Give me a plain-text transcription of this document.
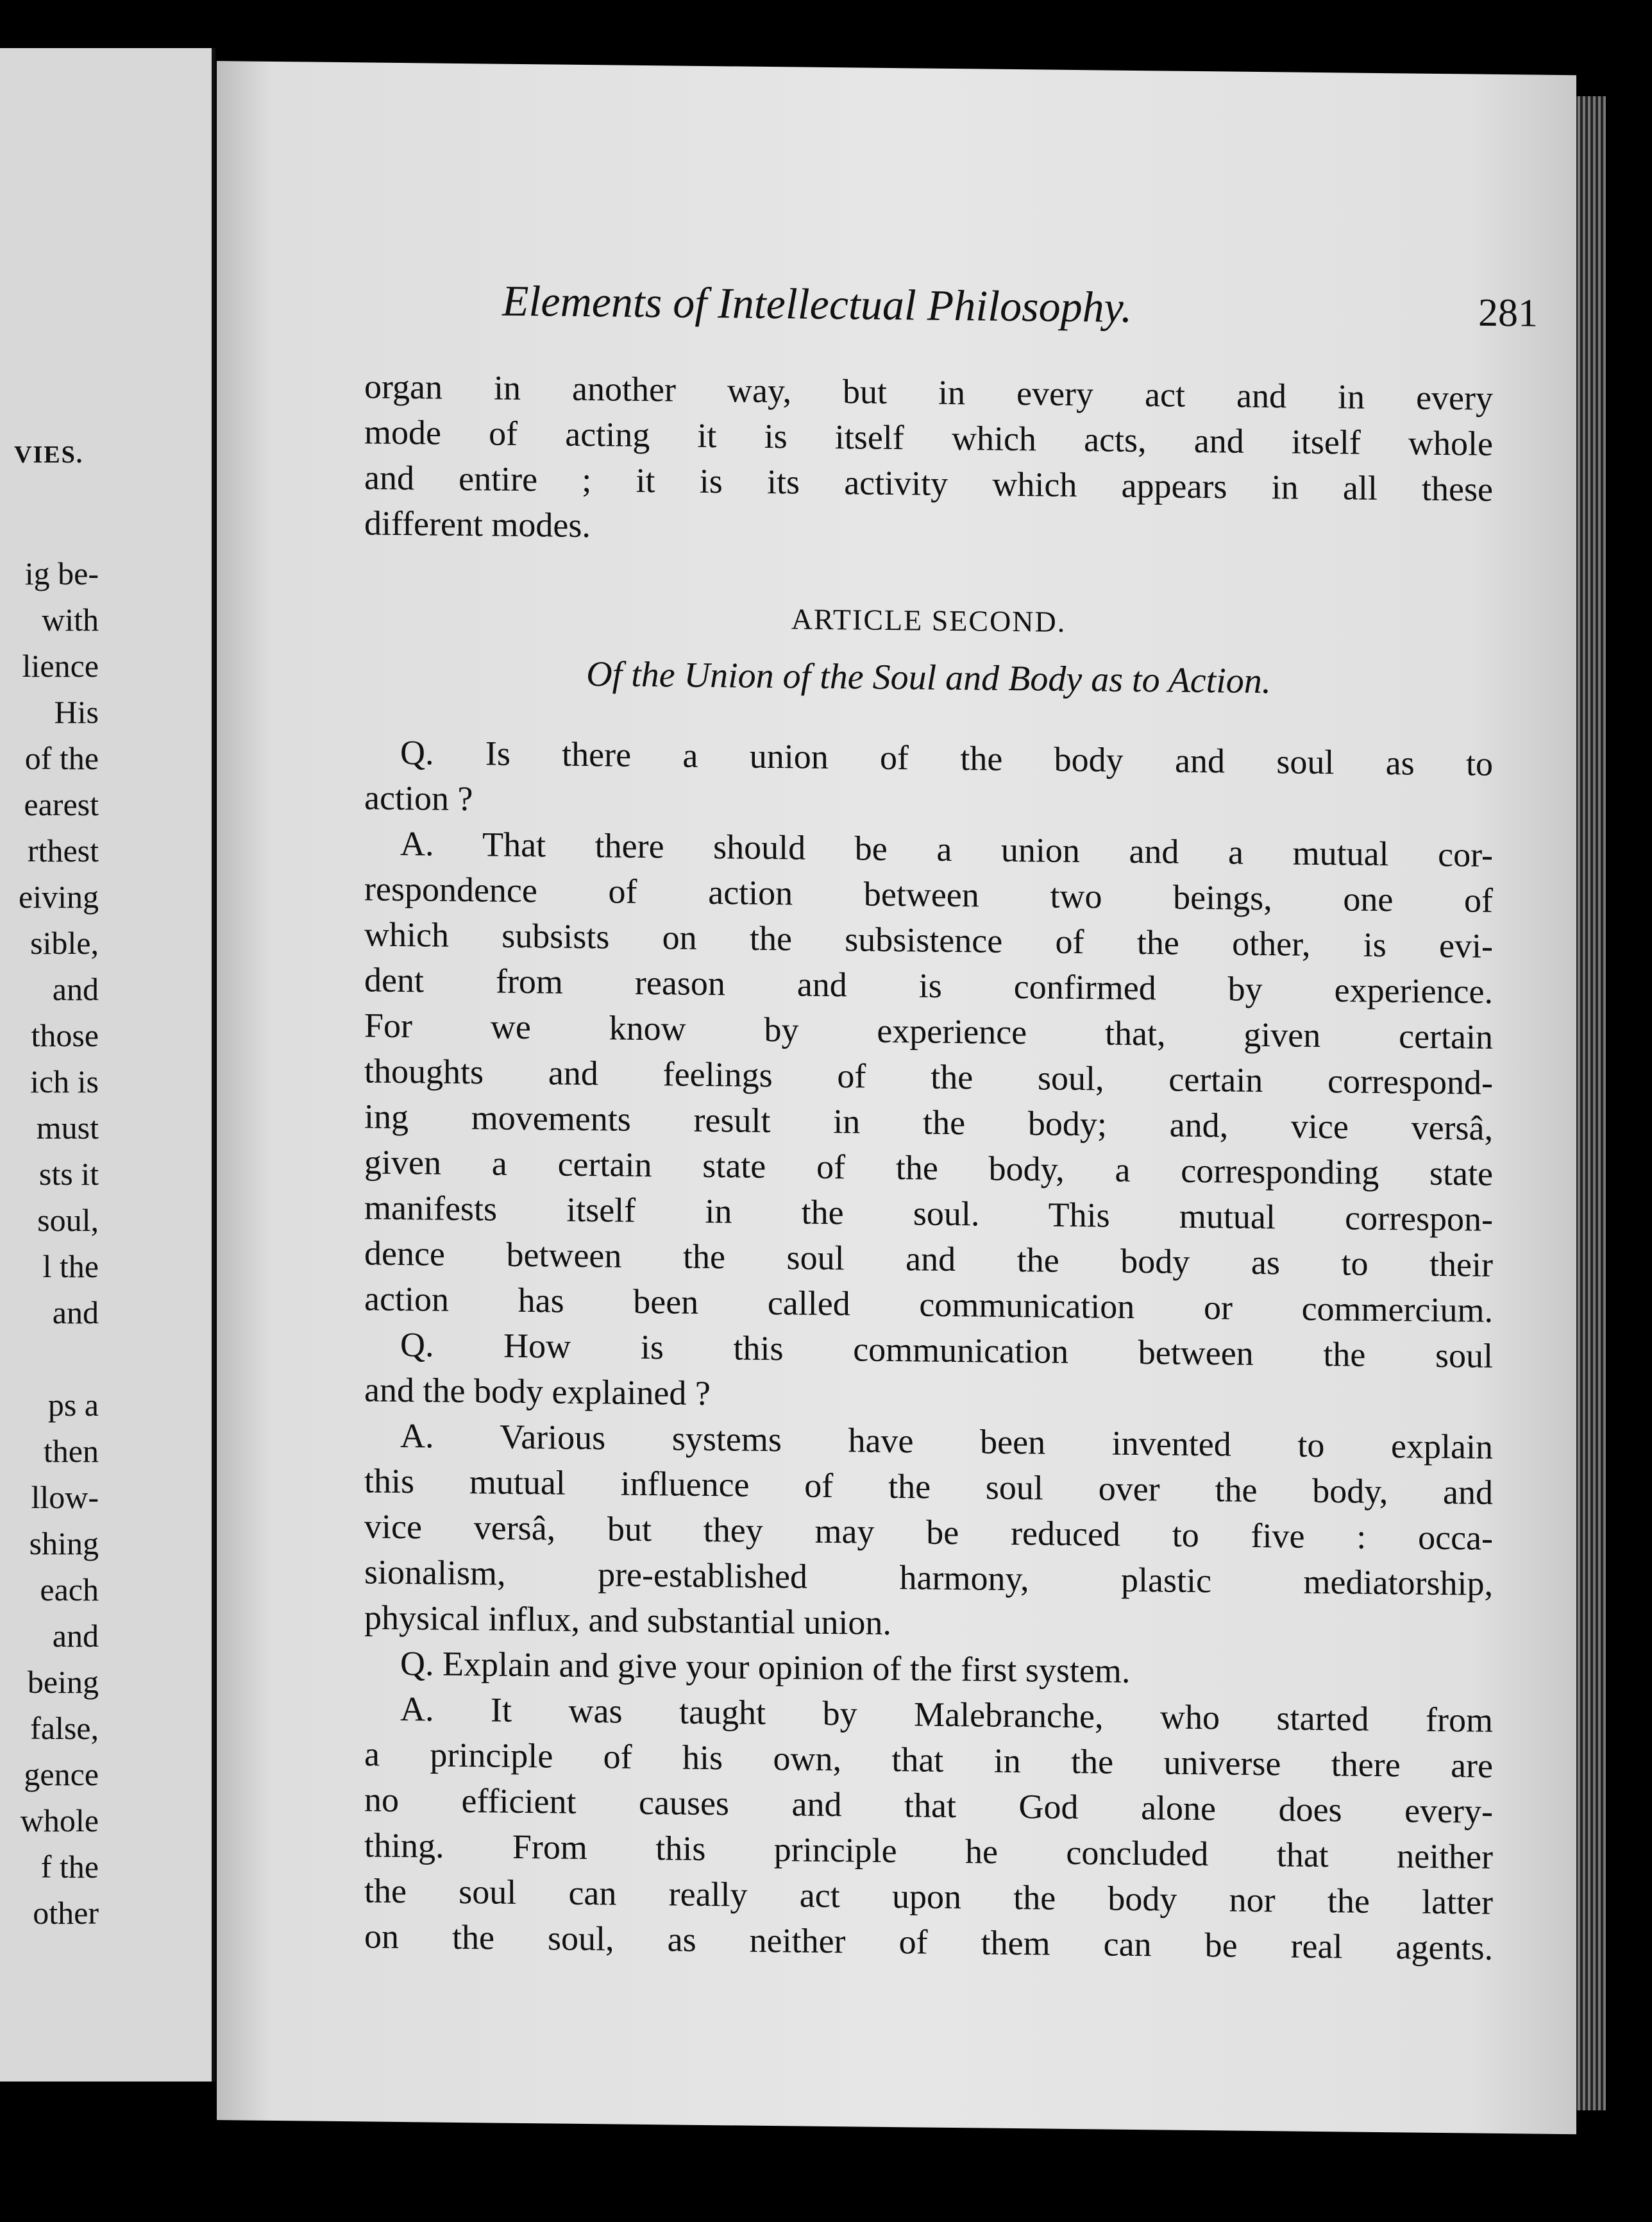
VIES.
ig be-
with
lience
His
of the
earest
rthest
eiving
sible,
and
those
ich is
must
sts it
soul,
l the
and
ps a
then
llow-
shing
each
and
being
false,
gence
whole
f the
other
Elements of Intellectual Philosophy.	281
organ in another way, but in every act and in every
mode of acting it is itself which acts, and itself whole
and entire ; it is its activity which appears in all these
different modes.
ARTICLE SECOND.
Of the Union of the Soul and Body as to Action.
Q. Is there a union of the body and soul as to
action ?
A. That there should be a union and a mutual cor-
respondence of action between two beings, one of
which subsists on the subsistence of the other, is evi-
dent from reason and is confirmed by experience.
For we know by experience that, given certain
thoughts and feelings of the soul, certain correspond-
ing movements result in the body; and, vice versâ,
given a certain state of the body, a corresponding state
manifests itself in the soul. This mutual correspon-
dence between the soul and the body as to their
action has been called communication or commercium.
Q. How is this communication between the soul
and the body explained ?
A. Various systems have been invented to explain
this mutual influence of the soul over the body, and
vice versâ, but they may be reduced to five : occa-
sionalism, pre-established harmony, plastic mediatorship,
physical influx, and substantial union.
Q. Explain and give your opinion of the first system.
A. It was taught by Malebranche, who started from
a principle of his own, that in the universe there are
no efficient causes and that God alone does every-
thing. From this principle he concluded that neither
the soul can really act upon the body nor the latter
on the soul, as neither of them can be real agents.
